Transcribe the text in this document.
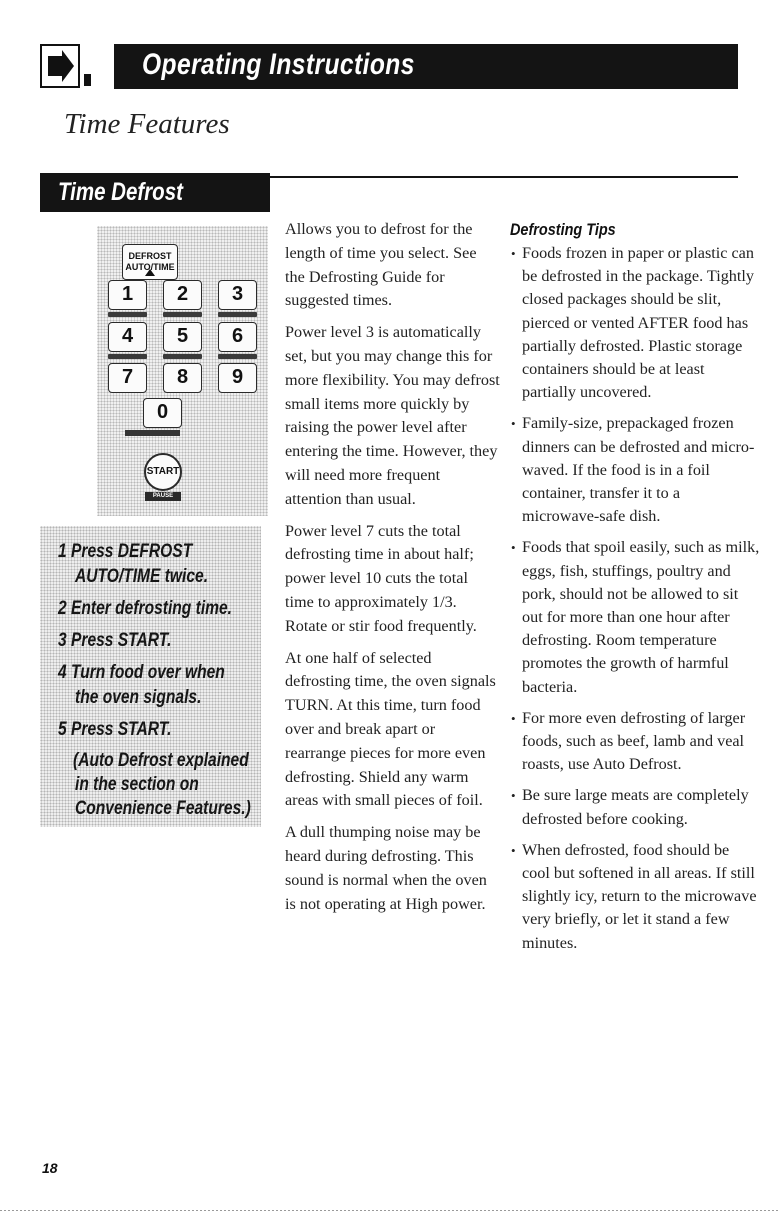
Operating Instructions
Time Features
Time Defrost
DEFROST
AUTO/TIME
1	2	3
4	5	6
7	8	9
0
START
PAUSE
1 Press DEFROST
AUTO/TIME twice.
2 Enter defrosting time.
3 Press START.
4 Turn food over when
the oven signals.
5 Press START.
(Auto Defrost explained
in the section on
Convenience Features.)

Allows you to defrost for the length of time you select. See the Defrosting Guide for suggested times.

Power level 3 is automatically set, but you may change this for more flexibility. You may defrost small items more quickly by raising the power level after entering the time. However, they will need more frequent attention than usual.

Power level 7 cuts the total defrosting time in about half; power level 10 cuts the total time to approximately 1/3. Rotate or stir food frequently.

At one half of selected defrosting time, the oven signals TURN. At this time, turn food over and break apart or rearrange pieces for more even defrosting. Shield any warm areas with small pieces of foil.

A dull thumping noise may be heard during defrosting. This sound is normal when the oven is not operating at High power.

Defrosting Tips
• Foods frozen in paper or plastic can be defrosted in the package. Tightly closed packages should be slit, pierced or vented AFTER food has partially defrosted. Plastic storage containers should be at least partially uncovered.
• Family-size, prepackaged frozen dinners can be defrosted and micro-waved. If the food is in a foil container, transfer it to a microwave-safe dish.
• Foods that spoil easily, such as milk, eggs, fish, stuffings, poultry and pork, should not be allowed to sit out for more than one hour after defrosting. Room temperature promotes the growth of harmful bacteria.
• For more even defrosting of larger foods, such as beef, lamb and veal roasts, use Auto Defrost.
• Be sure large meats are completely defrosted before cooking.
• When defrosted, food should be cool but softened in all areas. If still slightly icy, return to the microwave very briefly, or let it stand a few minutes.
18
